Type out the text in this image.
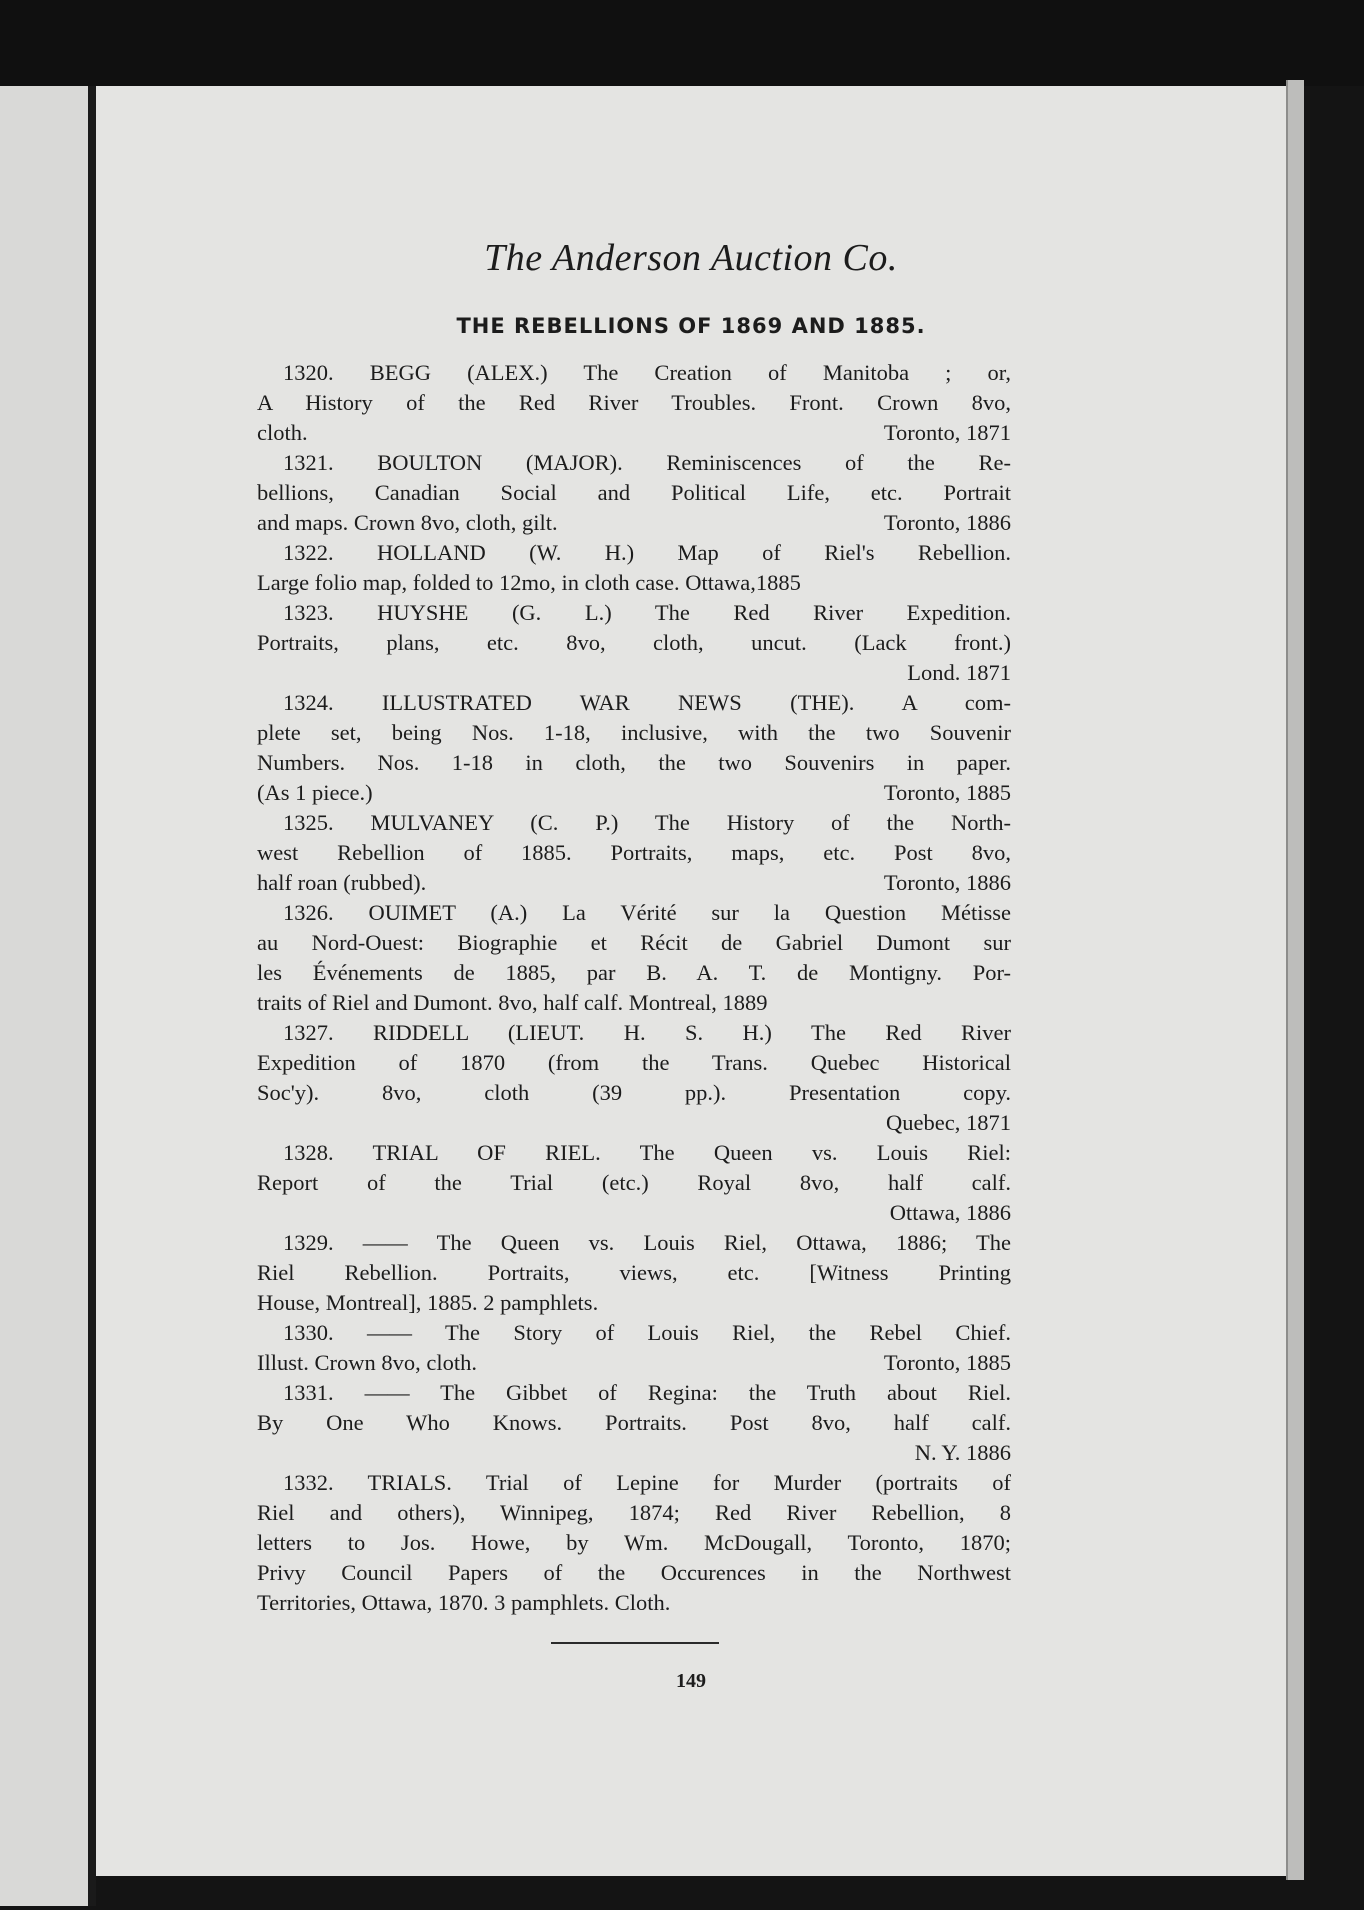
The Anderson Auction Co.
THE REBELLIONS OF 1869 AND 1885.
1320. BEGG (ALEX.) The Creation of Manitoba ; or,
A History of the Red River Troubles. Front. Crown 8vo,
cloth.	Toronto, 1871
1321. BOULTON (MAJOR). Reminiscences of the Re-
bellions, Canadian Social and Political Life, etc. Portrait
and maps. Crown 8vo, cloth, gilt.	Toronto, 1886
1322. HOLLAND (W. H.) Map of Riel's Rebellion.
Large folio map, folded to 12mo, in cloth case. Ottawa,1885
1323. HUYSHE (G. L.) The Red River Expedition.
Portraits, plans, etc. 8vo, cloth, uncut. (Lack front.)
Lond. 1871
1324. ILLUSTRATED WAR NEWS (THE). A com-
plete set, being Nos. 1-18, inclusive, with the two Souvenir
Numbers. Nos. 1-18 in cloth, the two Souvenirs in paper.
(As 1 piece.)	Toronto, 1885
1325. MULVANEY (C. P.) The History of the North-
west Rebellion of 1885. Portraits, maps, etc. Post 8vo,
half roan (rubbed).	Toronto, 1886
1326. OUIMET (A.) La Vérité sur la Question Métisse
au Nord-Ouest: Biographie et Récit de Gabriel Dumont sur
les Événements de 1885, par B. A. T. de Montigny. Por-
traits of Riel and Dumont. 8vo, half calf. Montreal, 1889
1327. RIDDELL (LIEUT. H. S. H.) The Red River
Expedition of 1870 (from the Trans. Quebec Historical
Soc'y). 8vo, cloth (39 pp.). Presentation copy.
Quebec, 1871
1328. TRIAL OF RIEL. The Queen vs. Louis Riel:
Report of the Trial (etc.) Royal 8vo, half calf.
Ottawa, 1886
1329. —— The Queen vs. Louis Riel, Ottawa, 1886; The
Riel Rebellion. Portraits, views, etc. [Witness Printing
House, Montreal], 1885. 2 pamphlets.
1330. —— The Story of Louis Riel, the Rebel Chief.
Illust. Crown 8vo, cloth.	Toronto, 1885
1331. —— The Gibbet of Regina: the Truth about Riel.
By One Who Knows. Portraits. Post 8vo, half calf.
N. Y. 1886
1332. TRIALS. Trial of Lepine for Murder (portraits of
Riel and others), Winnipeg, 1874; Red River Rebellion, 8
letters to Jos. Howe, by Wm. McDougall, Toronto, 1870;
Privy Council Papers of the Occurences in the Northwest
Territories, Ottawa, 1870. 3 pamphlets. Cloth.
149
